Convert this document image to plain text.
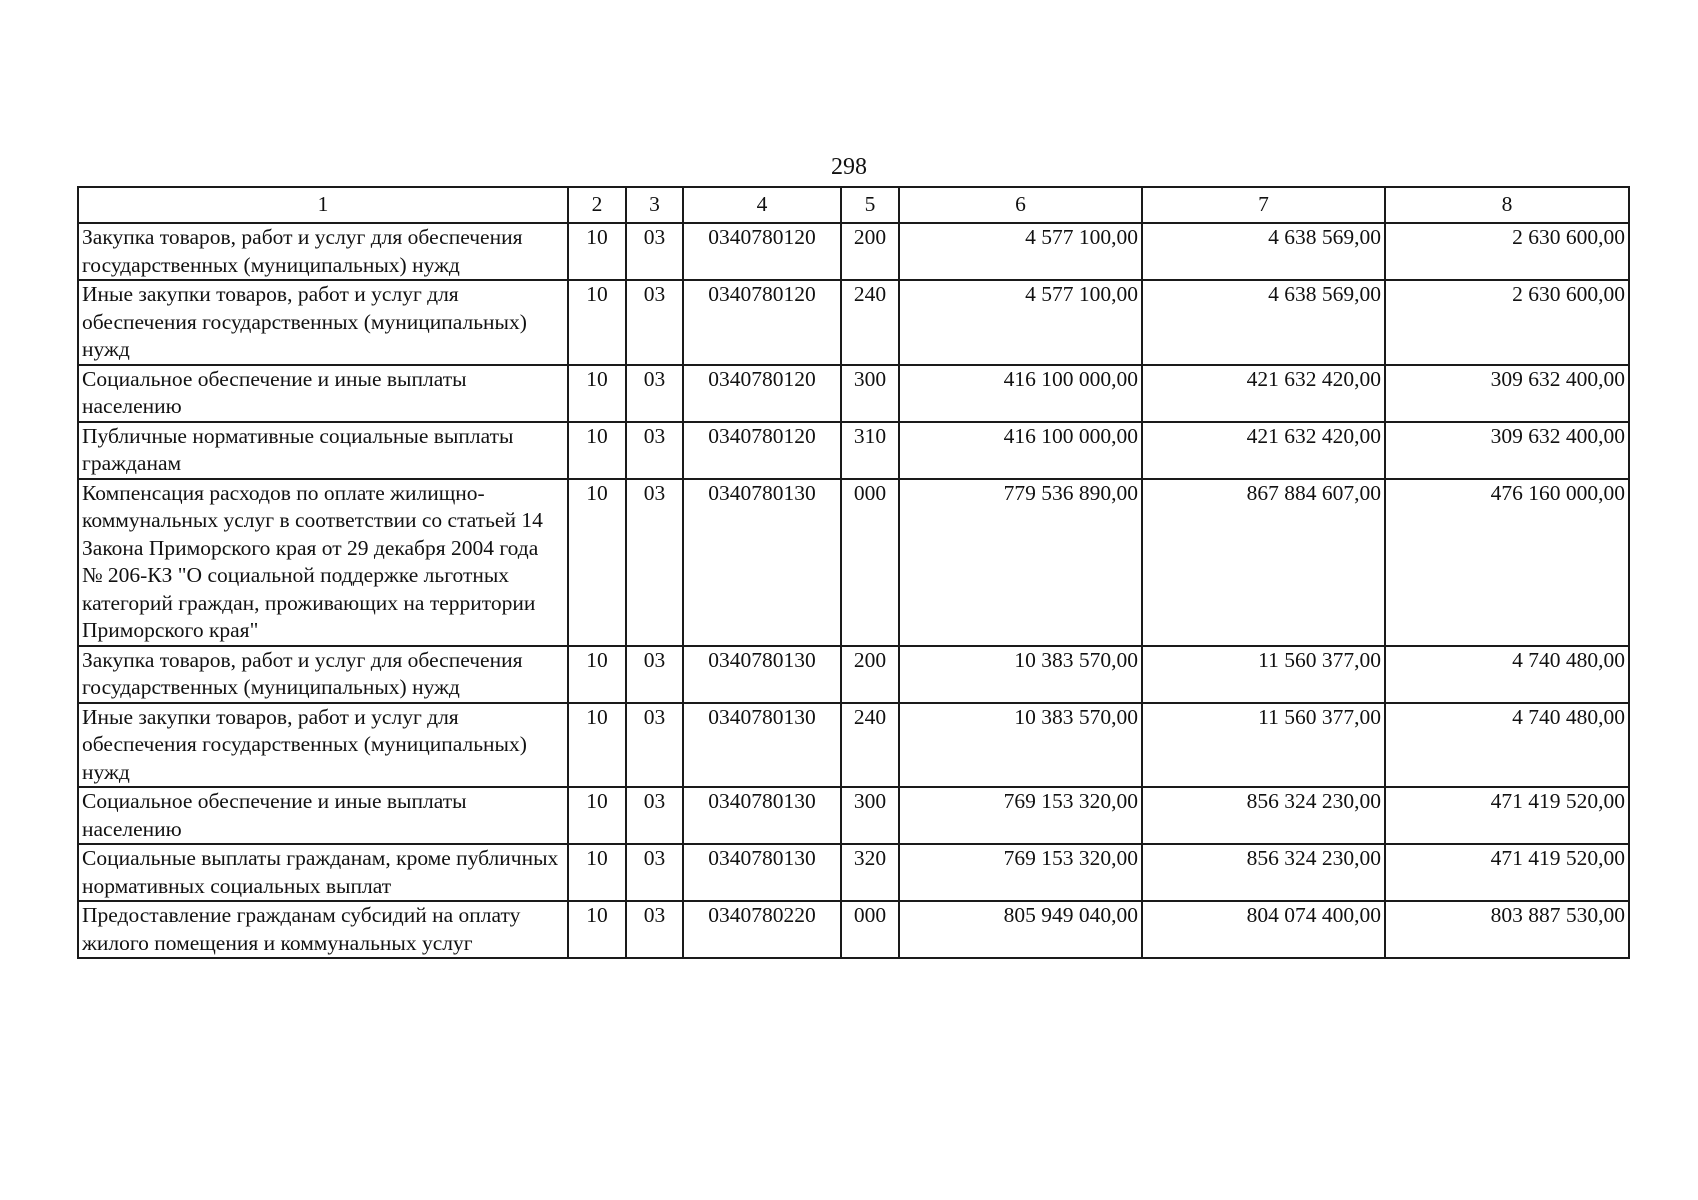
298
1	2	3	4	5	6	7	8
Закупка товаров, работ и услуг для обеспечения государственных (муниципальных) нужд	10	03	0340780120	200	4 577 100,00	4 638 569,00	2 630 600,00
Иные закупки товаров, работ и услуг для обеспечения государственных (муниципальных) нужд	10	03	0340780120	240	4 577 100,00	4 638 569,00	2 630 600,00
Социальное обеспечение и иные выплаты населению	10	03	0340780120	300	416 100 000,00	421 632 420,00	309 632 400,00
Публичные нормативные социальные выплаты гражданам	10	03	0340780120	310	416 100 000,00	421 632 420,00	309 632 400,00
Компенсация расходов по оплате жилищно-коммунальных услуг в соответствии со статьей 14 Закона Приморского края от 29 декабря 2004 года № 206-КЗ "О социальной поддержке льготных категорий граждан, проживающих на территории Приморского края"	10	03	0340780130	000	779 536 890,00	867 884 607,00	476 160 000,00
Закупка товаров, работ и услуг для обеспечения государственных (муниципальных) нужд	10	03	0340780130	200	10 383 570,00	11 560 377,00	4 740 480,00
Иные закупки товаров, работ и услуг для обеспечения государственных (муниципальных) нужд	10	03	0340780130	240	10 383 570,00	11 560 377,00	4 740 480,00
Социальное обеспечение и иные выплаты населению	10	03	0340780130	300	769 153 320,00	856 324 230,00	471 419 520,00
Социальные выплаты гражданам, кроме публичных нормативных социальных выплат	10	03	0340780130	320	769 153 320,00	856 324 230,00	471 419 520,00
Предоставление гражданам субсидий на оплату жилого помещения и коммунальных услуг	10	03	0340780220	000	805 949 040,00	804 074 400,00	803 887 530,00
